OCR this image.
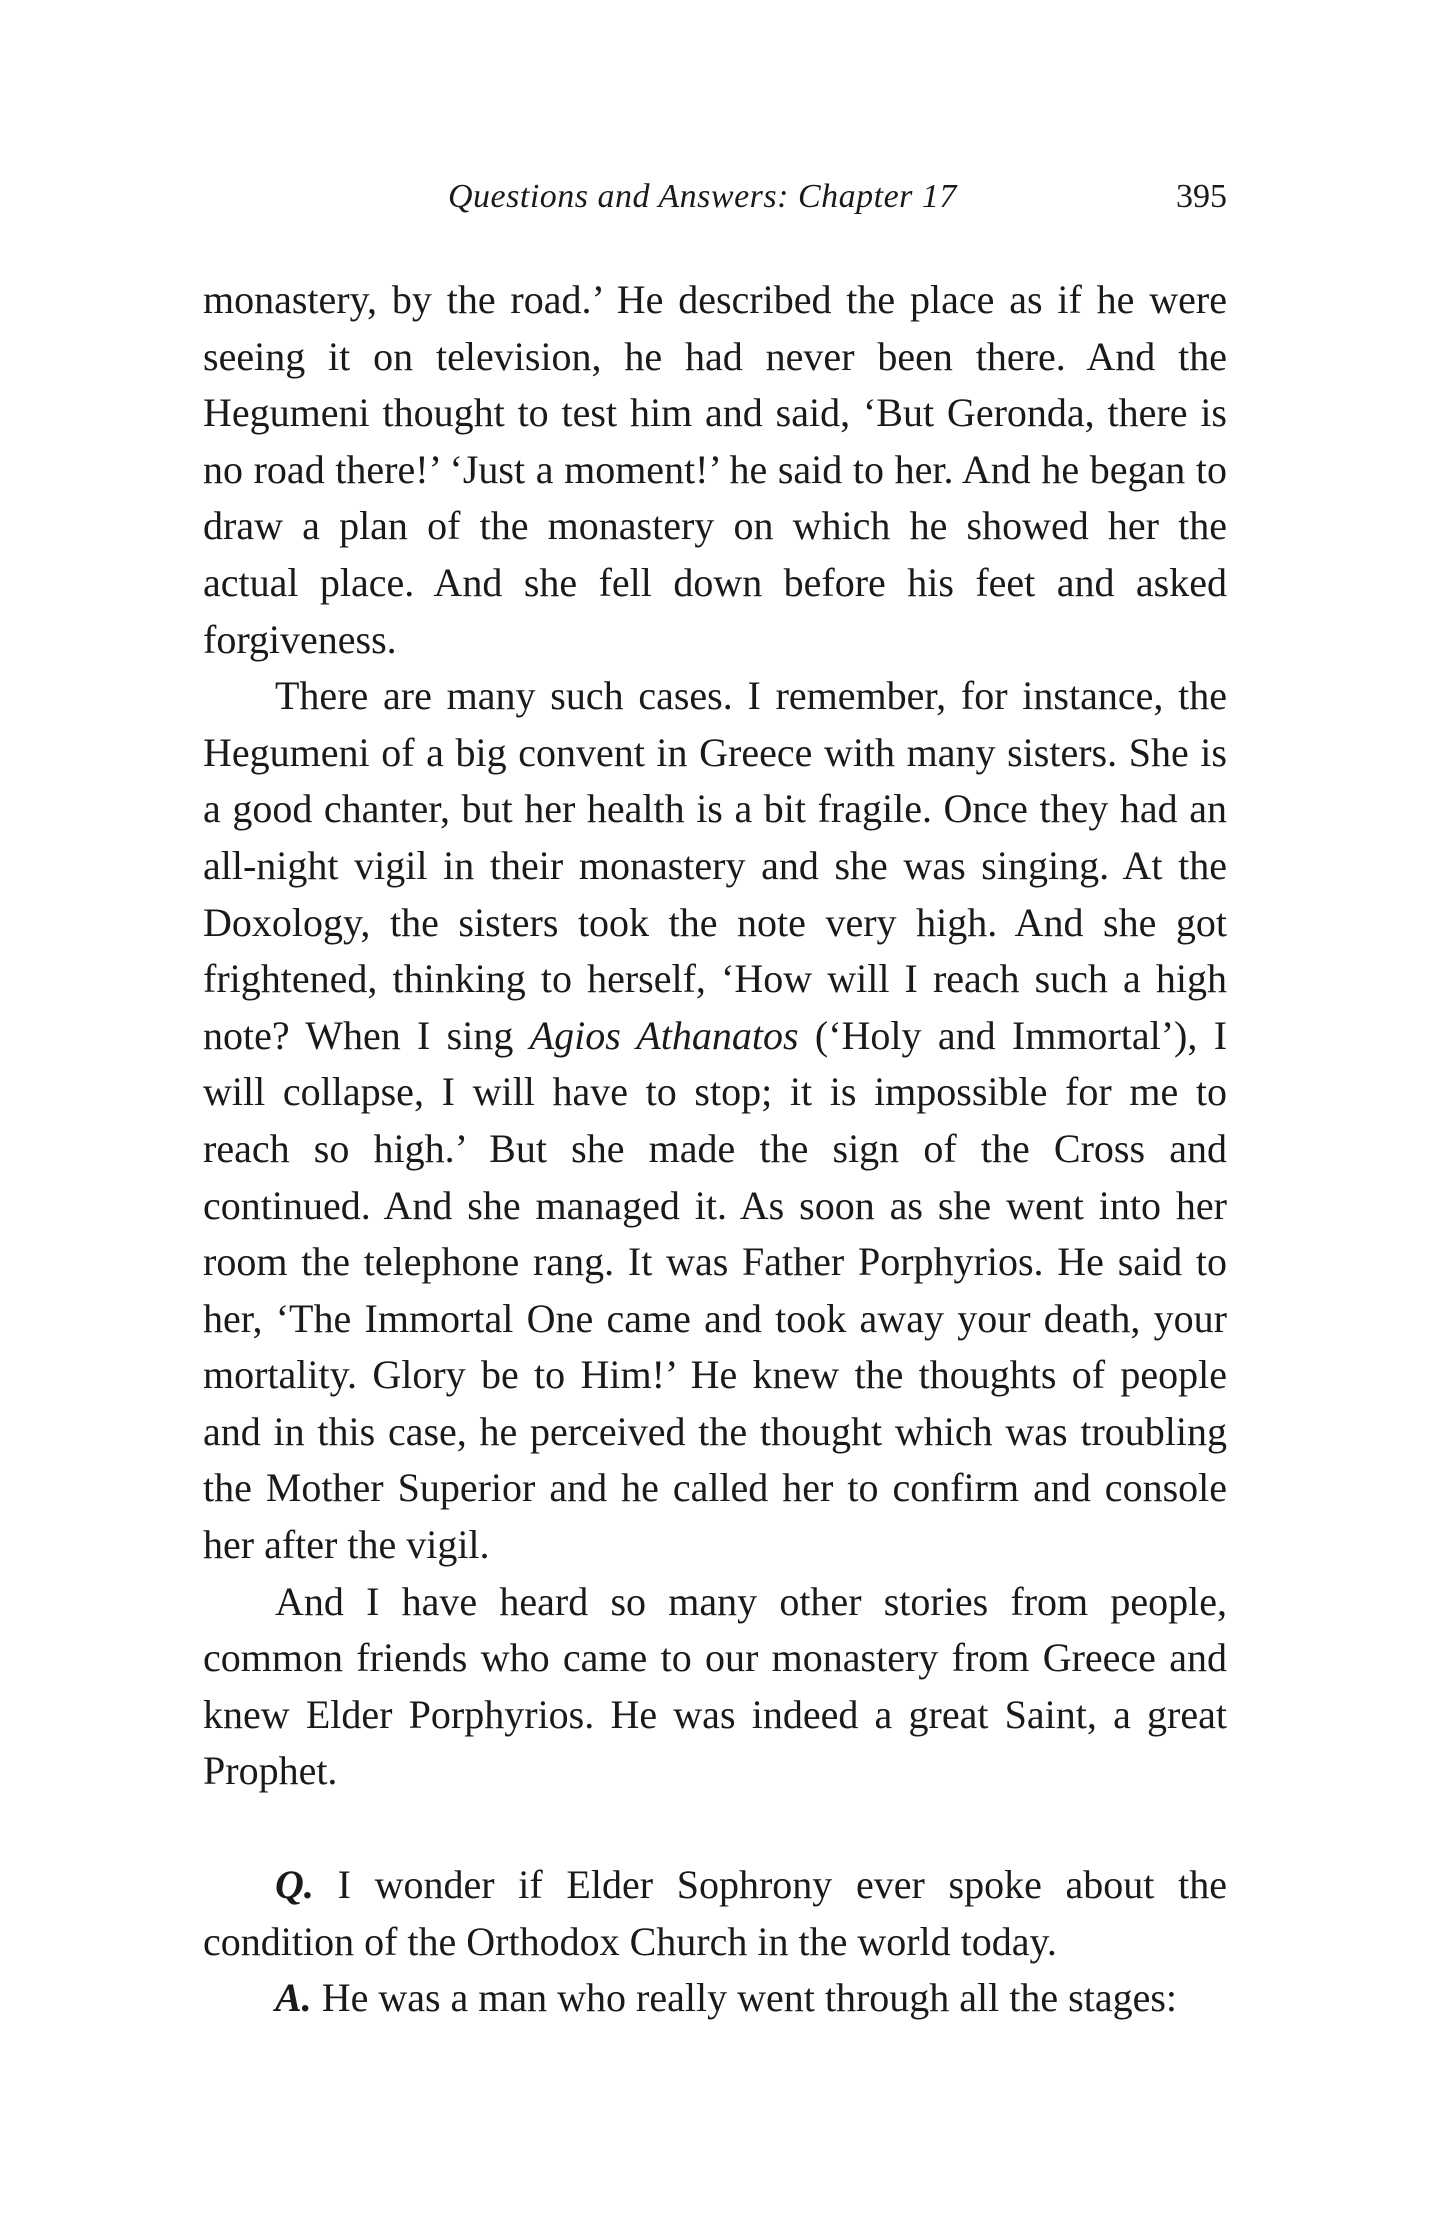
Questions and Answers: Chapter 17	395

monastery, by the road.’ He described the place as if he were seeing it on television, he had never been there. And the Hegumeni thought to test him and said, ‘But Geronda, there is no road there!’ ‘Just a moment!’ he said to her. And he began to draw a plan of the monastery on which he showed her the actual place. And she fell down before his feet and asked forgiveness.

There are many such cases. I remember, for instance, the Hegumeni of a big convent in Greece with many sisters. She is a good chanter, but her health is a bit fragile. Once they had an all-night vigil in their monastery and she was singing. At the Doxology, the sisters took the note very high. And she got frightened, thinking to herself, ‘How will I reach such a high note? When I sing Agios Athanatos (‘Holy and Immortal’), I will collapse, I will have to stop; it is impossible for me to reach so high.’ But she made the sign of the Cross and continued. And she managed it. As soon as she went into her room the telephone rang. It was Father Porphyrios. He said to her, ‘The Immortal One came and took away your death, your mortality. Glory be to Him!’ He knew the thoughts of people and in this case, he perceived the thought which was troubling the Mother Superior and he called her to confirm and console her after the vigil.

And I have heard so many other stories from people, common friends who came to our monastery from Greece and knew Elder Porphyrios. He was indeed a great Saint, a great Prophet.

Q. I wonder if Elder Sophrony ever spoke about the condition of the Orthodox Church in the world today.

A. He was a man who really went through all the stages:
